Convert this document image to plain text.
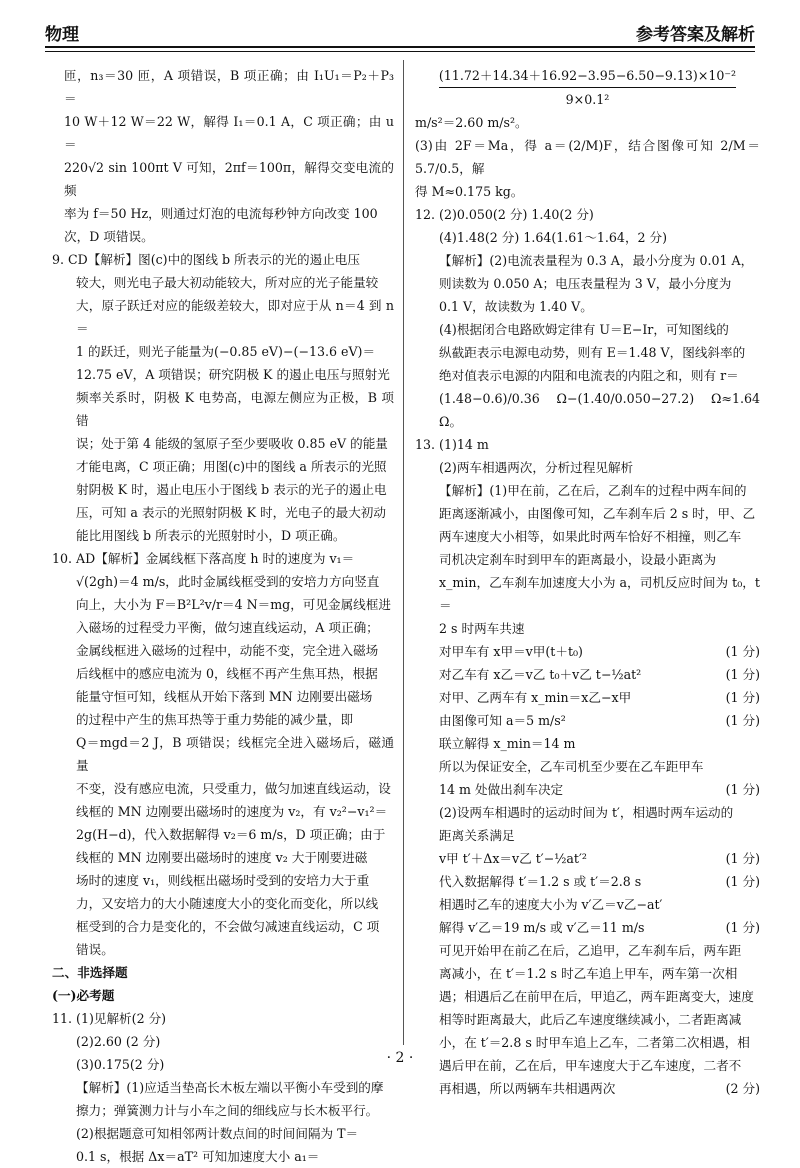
物理	参考答案及解析

匝，n₃＝30 匝，A 项错误，B 项正确；由 I₁U₁＝P₂＋P₃＝

10 W＋12 W＝22 W，解得 I₁＝0.1 A，C 项正确；由 u＝

220√2 sin 100πt V 可知，2πf＝100π，解得交变电流的频

率为 f＝50 Hz，则通过灯泡的电流每秒钟方向改变 100

次，D 项错误。

9. CD【解析】图(c)中的图线 b 所表示的光的遏止电压

较大，则光电子最大初动能较大，所对应的光子能量较

大，原子跃迁对应的能级差较大，即对应于从 n＝4 到 n＝

1 的跃迁，则光子能量为(−0.85 eV)−(−13.6 eV)＝

12.75 eV，A 项错误；研究阴极 K 的遏止电压与照射光

频率关系时，阴极 K 电势高，电源左侧应为正极，B 项错

误；处于第 4 能级的氢原子至少要吸收 0.85 eV 的能量

才能电离，C 项正确；用图(c)中的图线 a 所表示的光照

射阴极 K 时，遏止电压小于图线 b 表示的光子的遏止电

压，可知 a 表示的光照射阴极 K 时，光电子的最大初动

能比用图线 b 所表示的光照射时小，D 项正确。

10. AD【解析】金属线框下落高度 h 时的速度为 v₁＝

√(2gh)＝4 m/s，此时金属线框受到的安培力方向竖直

向上，大小为 F＝B²L²v/r＝4 N＝mg，可见金属线框进

入磁场的过程受力平衡，做匀速直线运动，A 项正确；

金属线框进入磁场的过程中，动能不变，完全进入磁场

后线框中的感应电流为 0，线框不再产生焦耳热，根据

能量守恒可知，线框从开始下落到 MN 边刚要出磁场

的过程中产生的焦耳热等于重力势能的减少量，即

Q＝mgd＝2 J，B 项错误；线框完全进入磁场后，磁通量

不变，没有感应电流，只受重力，做匀加速直线运动，设

线框的 MN 边刚要出磁场时的速度为 v₂，有 v₂²−v₁²＝

2g(H−d)，代入数据解得 v₂＝6 m/s，D 项正确；由于

线框的 MN 边刚要出磁场时的速度 v₂ 大于刚要进磁

场时的速度 v₁，则线框出磁场时受到的安培力大于重

力，又安培力的大小随速度大小的变化而变化，所以线

框受到的合力是变化的，不会做匀减速直线运动，C 项

错误。

二、非选择题

(一)必考题

11. (1)见解析(2 分)

(2)2.60 (2 分)

(3)0.175(2 分)

【解析】(1)应适当垫高长木板左端以平衡小车受到的摩

擦力；弹簧测力计与小车之间的细线应与长木板平行。

(2)根据题意可知相邻两计数点间的时间间隔为 T＝

0.1 s，根据 Δx＝aT² 可知加速度大小 a₁＝

(11.72＋14.34＋16.92−3.95−6.50−9.13)×10⁻²
9×0.1²

m/s²＝2.60 m/s²。

(3)由 2F＝Ma，得 a＝(2/M)F，结合图像可知 2/M＝5.7/0.5，解

得 M≈0.175 kg。

12. (2)0.050(2 分) 1.40(2 分)

(4)1.48(2 分) 1.64(1.61～1.64，2 分)

【解析】(2)电流表量程为 0.3 A，最小分度为 0.01 A，

则读数为 0.050 A；电压表量程为 3 V，最小分度为

0.1 V，故读数为 1.40 V。

(4)根据闭合电路欧姆定律有 U＝E−Ir，可知图线的

纵截距表示电源电动势，则有 E＝1.48 V，图线斜率的

绝对值表示电源的内阻和电流表的内阻之和，则有 r＝

(1.48−0.6)/0.36 Ω−(1.40/0.050−27.2) Ω≈1.64 Ω。

13. (1)14 m

(2)两车相遇两次，分析过程见解析

【解析】(1)甲在前，乙在后，乙刹车的过程中两车间的

距离逐渐减小，由图像可知，乙车刹车后 2 s 时，甲、乙

两车速度大小相等，如果此时两车恰好不相撞，则乙车

司机决定刹车时到甲车的距离最小，设最小距离为

x_min，乙车刹车加速度大小为 a，司机反应时间为 t₀，t＝

2 s 时两车共速

对甲车有 x甲＝v甲(t＋t₀)	(1 分)
对乙车有 x乙＝v乙 t₀＋v乙 t−½at²	(1 分)
对甲、乙两车有 x_min＝x乙−x甲	(1 分)
由图像可知 a＝5 m/s²	(1 分)

联立解得 x_min＝14 m

所以为保证安全，乙车司机至少要在乙车距甲车

14 m 处做出刹车决定	(1 分)

(2)设两车相遇时的运动时间为 t′，相遇时两车运动的

距离关系满足

v甲 t′＋Δx＝v乙 t′−½at′²	(1 分)
代入数据解得 t′＝1.2 s 或 t′＝2.8 s	(1 分)
相遇时乙车的速度大小为 v′乙＝v乙−at′
解得 v′乙＝19 m/s 或 v′乙＝11 m/s	(1 分)

可见开始甲在前乙在后，乙追甲，乙车刹车后，两车距

离减小，在 t′＝1.2 s 时乙车追上甲车，两车第一次相

遇；相遇后乙在前甲在后，甲追乙，两车距离变大，速度

相等时距离最大，此后乙车速度继续减小，二者距离减

小，在 t′＝2.8 s 时甲车追上乙车，二者第二次相遇，相

遇后甲在前，乙在后，甲车速度大于乙车速度，二者不

再相遇，所以两辆车共相遇两次	(2 分)
· 2 ·
